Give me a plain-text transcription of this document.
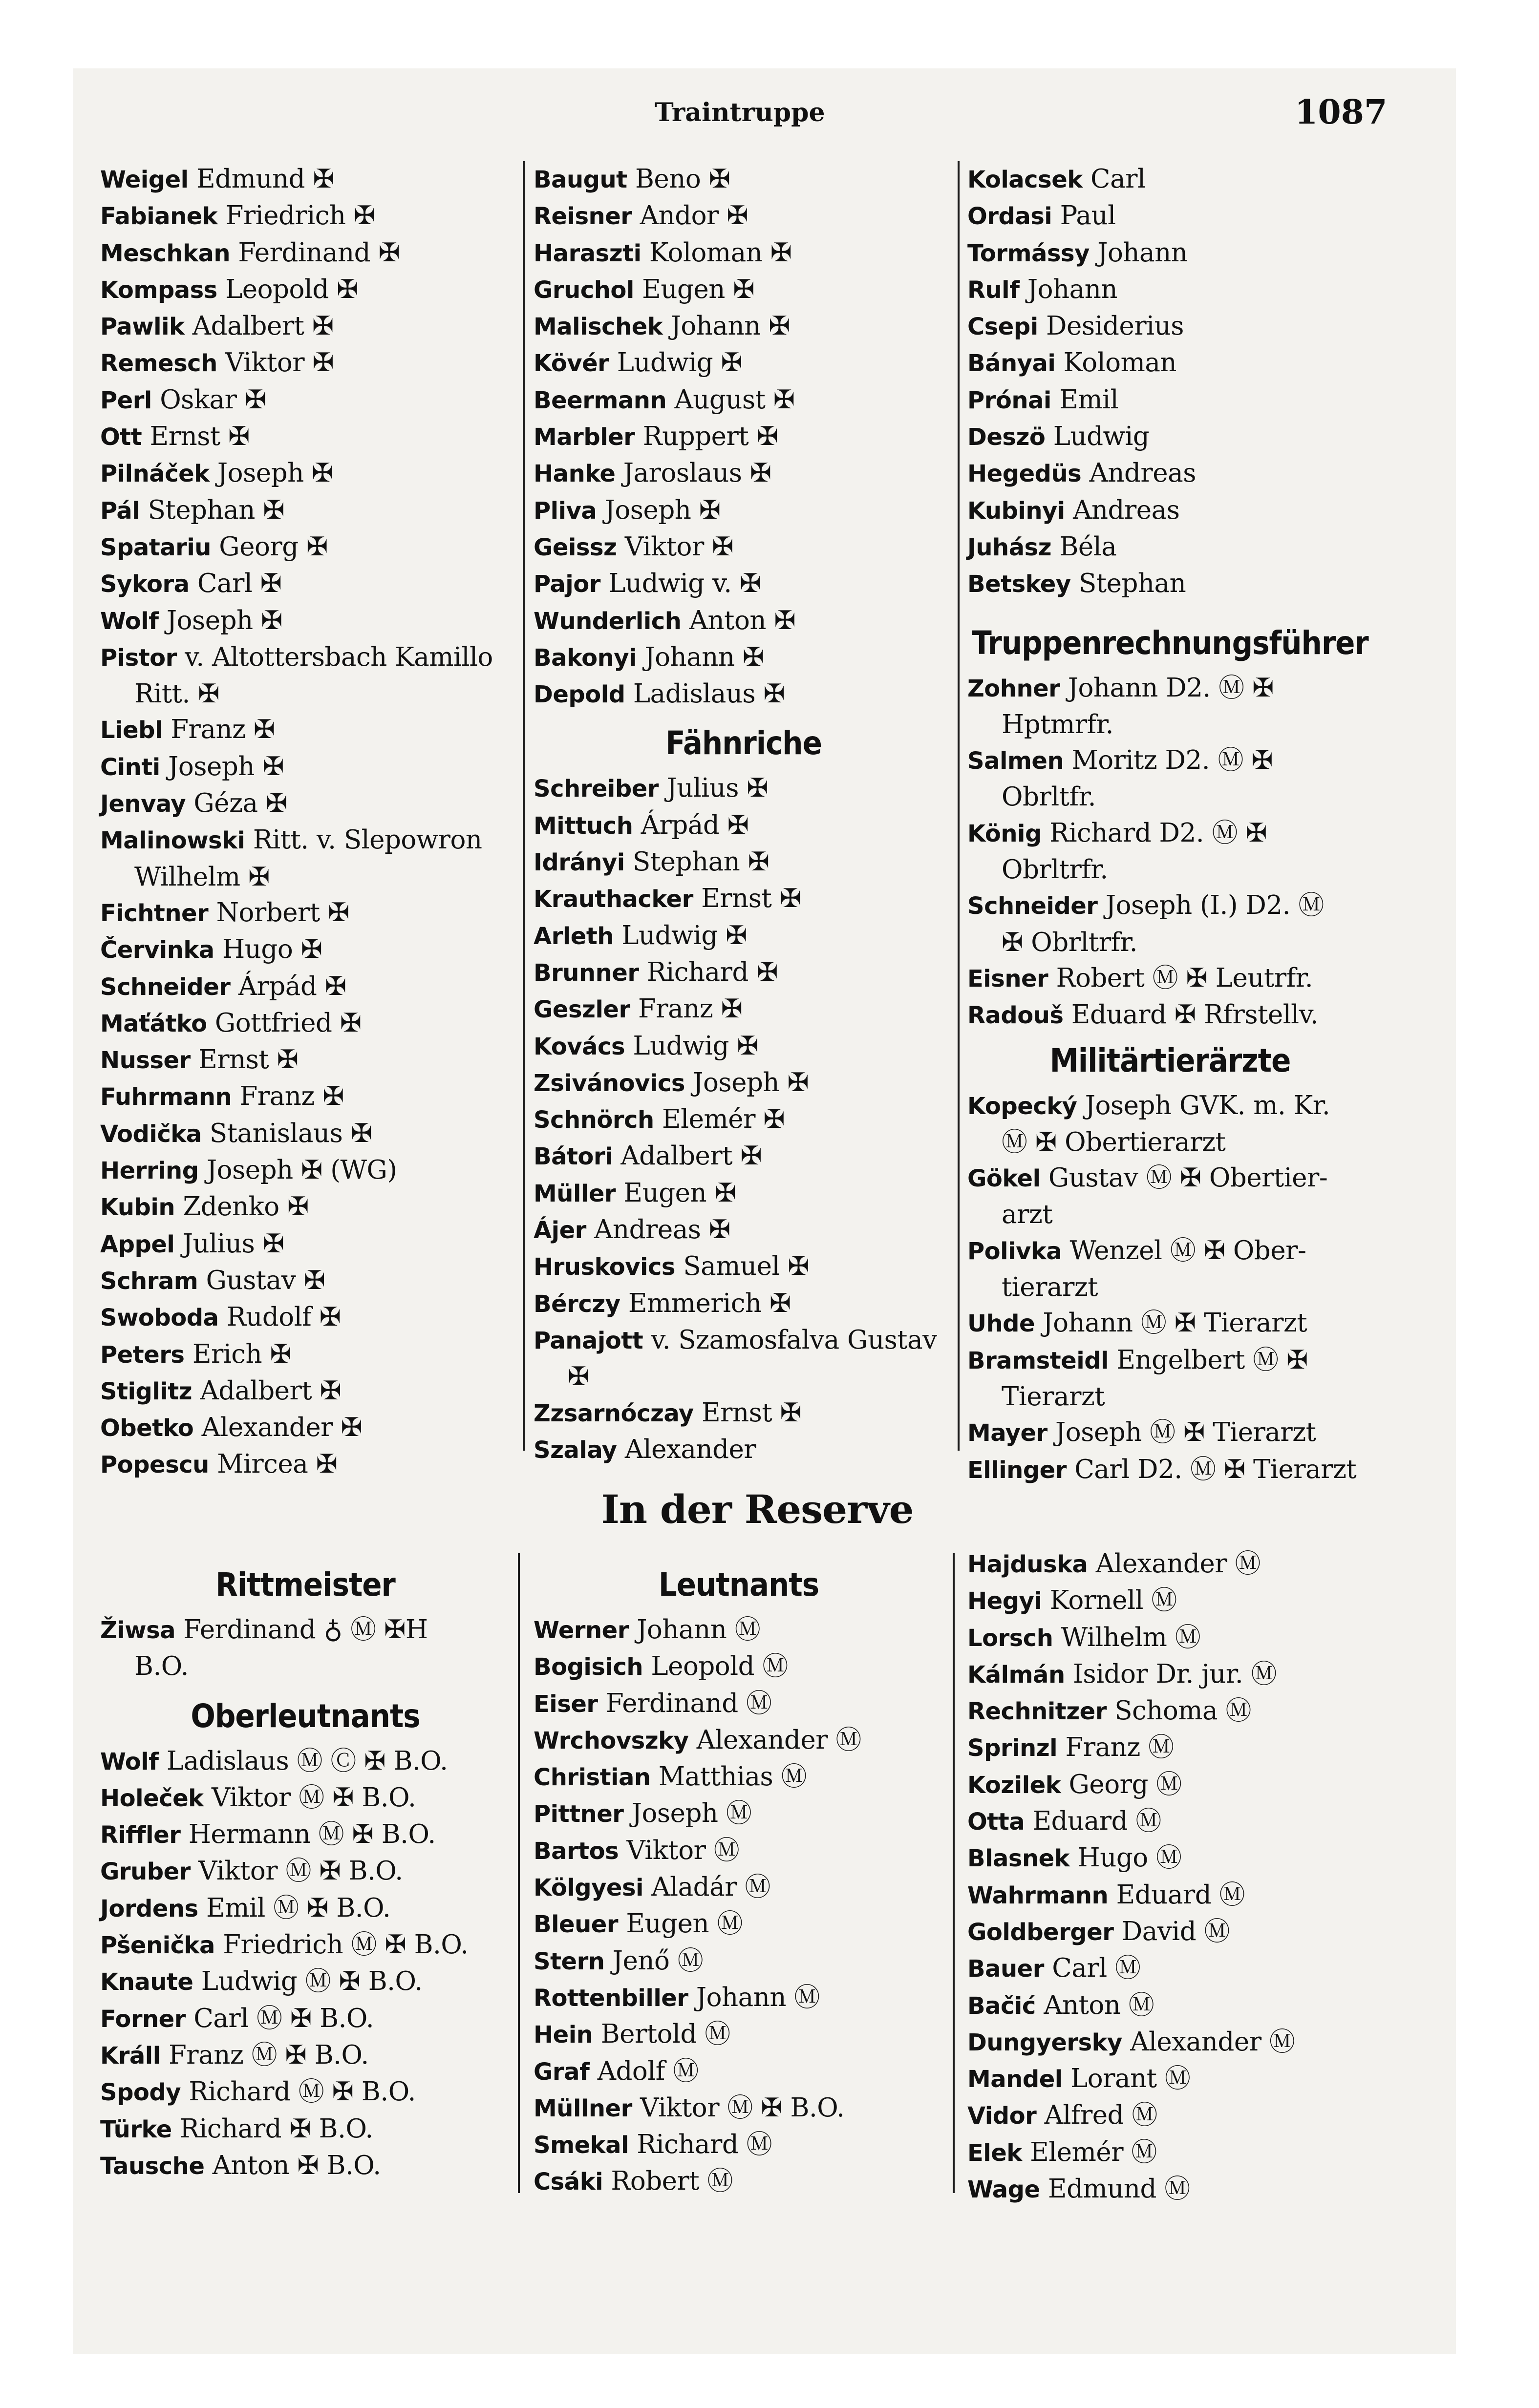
Traintruppe	1087
Weigel Edmund ✠
Fabianek Friedrich ✠
Meschkan Ferdinand ✠
Kompass Leopold ✠
Pawlik Adalbert ✠
Remesch Viktor ✠
Perl Oskar ✠
Ott Ernst ✠
Pilnáček Joseph ✠
Pál Stephan ✠
Spatariu Georg ✠
Sykora Carl ✠
Wolf Joseph ✠
Pistor v. Altottersbach Kamillo
Ritt. ✠
Liebl Franz ✠
Cinti Joseph ✠
Jenvay Géza ✠
Malinowski Ritt. v. Slepowron
Wilhelm ✠
Fichtner Norbert ✠
Červinka Hugo ✠
Schneider Árpád ✠
Maťátko Gottfried ✠
Nusser Ernst ✠
Fuhrmann Franz ✠
Vodička Stanislaus ✠
Herring Joseph ✠ (WG)
Kubin Zdenko ✠
Appel Julius ✠
Schram Gustav ✠
Swoboda Rudolf ✠
Peters Erich ✠
Stiglitz Adalbert ✠
Obetko Alexander ✠
Popescu Mircea ✠
Baugut Beno ✠
Reisner Andor ✠
Haraszti Koloman ✠
Gruchol Eugen ✠
Malischek Johann ✠
Kövér Ludwig ✠
Beermann August ✠
Marbler Ruppert ✠
Hanke Jaroslaus ✠
Pliva Joseph ✠
Geissz Viktor ✠
Pajor Ludwig v. ✠
Wunderlich Anton ✠
Bakonyi Johann ✠
Depold Ladislaus ✠
Fähnriche
Schreiber Julius ✠
Mittuch Árpád ✠
Idrányi Stephan ✠
Krauthacker Ernst ✠
Arleth Ludwig ✠
Brunner Richard ✠
Geszler Franz ✠
Kovács Ludwig ✠
Zsivánovics Joseph ✠
Schnörch Elemér ✠
Bátori Adalbert ✠
Müller Eugen ✠
Ájer Andreas ✠
Hruskovics Samuel ✠
Bérczy Emmerich ✠
Panajott v. Szamosfalva Gustav
✠
Zzsarnóczay Ernst ✠
Szalay Alexander
Kolacsek Carl
Ordasi Paul
Tormássy Johann
Rulf Johann
Csepi Desiderius
Bányai Koloman
Prónai Emil
Deszö Ludwig
Hegedüs Andreas
Kubinyi Andreas
Juhász Béla
Betskey Stephan
Truppenrechnungsführer
Zohner Johann D2. Ⓜ ✠
Hptmrfr.
Salmen Moritz D2. Ⓜ ✠
Obrltfr.
König Richard D2. Ⓜ ✠
Obrltrfr.
Schneider Joseph (I.) D2. Ⓜ
✠ Obrltrfr.
Eisner Robert Ⓜ ✠ Leutrfr.
Radouš Eduard ✠ Rfrstellv.
Militärtierärzte
Kopecký Joseph GVK. m. Kr.
Ⓜ ✠ Obertierarzt
Gökel Gustav Ⓜ ✠ Obertier-
arzt
Polivka Wenzel Ⓜ ✠ Ober-
tierarzt
Uhde Johann Ⓜ ✠ Tierarzt
Bramsteidl Engelbert Ⓜ ✠
Tierarzt
Mayer Joseph Ⓜ ✠ Tierarzt
Ellinger Carl D2. Ⓜ ✠ Tierarzt
In der Reserve
Rittmeister
Žiwsa Ferdinand ♁ Ⓜ ✠H
B.O.
Oberleutnants
Wolf Ladislaus Ⓜ Ⓒ ✠ B.O.
Holeček Viktor Ⓜ ✠ B.O.
Riffler Hermann Ⓜ ✠ B.O.
Gruber Viktor Ⓜ ✠ B.O.
Jordens Emil Ⓜ ✠ B.O.
Pšenička Friedrich Ⓜ ✠ B.O.
Knaute Ludwig Ⓜ ✠ B.O.
Forner Carl Ⓜ ✠ B.O.
Králl Franz Ⓜ ✠ B.O.
Spody Richard Ⓜ ✠ B.O.
Türke Richard ✠ B.O.
Tausche Anton ✠ B.O.
Leutnants
Werner Johann Ⓜ
Bogisich Leopold Ⓜ
Eiser Ferdinand Ⓜ
Wrchovszky Alexander Ⓜ
Christian Matthias Ⓜ
Pittner Joseph Ⓜ
Bartos Viktor Ⓜ
Kölgyesi Aladár Ⓜ
Bleuer Eugen Ⓜ
Stern Jenő Ⓜ
Rottenbiller Johann Ⓜ
Hein Bertold Ⓜ
Graf Adolf Ⓜ
Müllner Viktor Ⓜ ✠ B.O.
Smekal Richard Ⓜ
Csáki Robert Ⓜ
Hajduska Alexander Ⓜ
Hegyi Kornell Ⓜ
Lorsch Wilhelm Ⓜ
Kálmán Isidor Dr. jur. Ⓜ
Rechnitzer Schoma Ⓜ
Sprinzl Franz Ⓜ
Kozilek Georg Ⓜ
Otta Eduard Ⓜ
Blasnek Hugo Ⓜ
Wahrmann Eduard Ⓜ
Goldberger David Ⓜ
Bauer Carl Ⓜ
Bačić Anton Ⓜ
Dungyersky Alexander Ⓜ
Mandel Lorant Ⓜ
Vidor Alfred Ⓜ
Elek Elemér Ⓜ
Wage Edmund Ⓜ
